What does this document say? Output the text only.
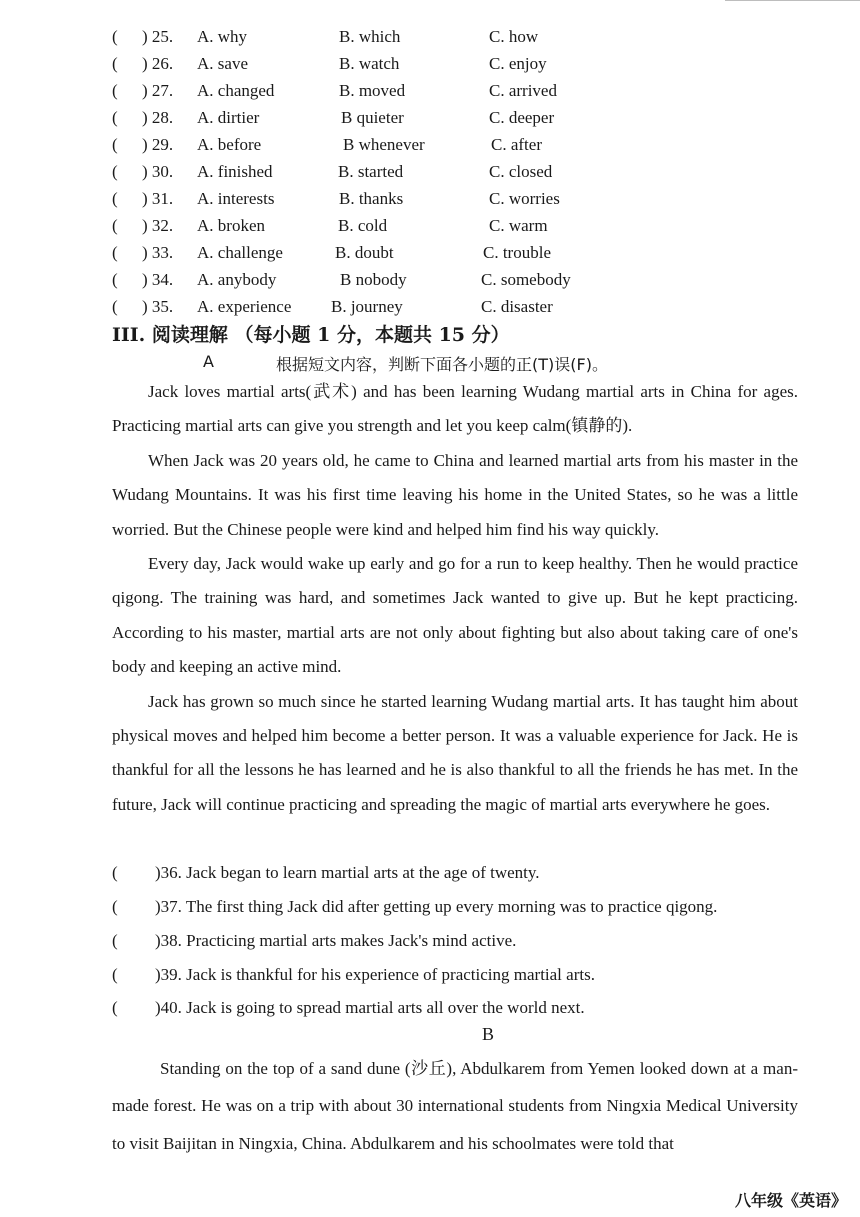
( ) 25. A. why	B. which	C. how
( ) 26. A. save	B. watch	C. enjoy
( ) 27. A. changed	B. moved	C. arrived
( ) 28. A. dirtier	B quieter	C. deeper
( ) 29. A. before	B whenever	C. after
( ) 30. A. finished	B. started	C. closed
( ) 31. A. interests	B. thanks	C. worries
( ) 32. A. broken	B. cold	C. warm
( ) 33. A. challenge	B. doubt	C. trouble
( ) 34. A. anybody	B nobody	C. somebody
( ) 35. A. experience B. journey	C. disaster
III. 阅读理解 （每小题 1 分，本题共 15 分）
A	根据短文内容，判断下面各小题的正(T)误(F)。

Jack loves martial arts(武术) and has been learning Wudang martial arts in China for ages. Practicing martial arts can give you strength and let you keep calm(镇静的).

When Jack was 20 years old, he came to China and learned martial arts from his master in the Wudang Mountains. It was his first time leaving his home in the United States, so he was a little worried. But the Chinese people were kind and helped him find his way quickly.

Every day, Jack would wake up early and go for a run to keep healthy. Then he would practice qigong. The training was hard, and sometimes Jack wanted to give up. But he kept practicing. According to his master, martial arts are not only about fighting but also about taking care of one's body and keeping an active mind.

Jack has grown so much since he started learning Wudang martial arts. It has taught him about physical moves and helped him become a better person. It was a valuable experience for Jack. He is thankful for all the lessons he has learned and he is also thankful to all the friends he has met. In the future, Jack will continue practicing and spreading the magic of martial arts everywhere he goes.

( )36. Jack began to learn martial arts at the age of twenty.
( )37. The first thing Jack did after getting up every morning was to practice qigong.
( )38. Practicing martial arts makes Jack's mind active.
( )39. Jack is thankful for his experience of practicing martial arts.
( )40. Jack is going to spread martial arts all over the world next.
B

Standing on the top of a sand dune (沙丘), Abdulkarem from Yemen looked down at a man-made forest. He was on a trip with about 30 international students from Ningxia Medical University to visit Baijitan in Ningxia, China. Abdulkarem and his schoolmates were told that

八年级《英语》
